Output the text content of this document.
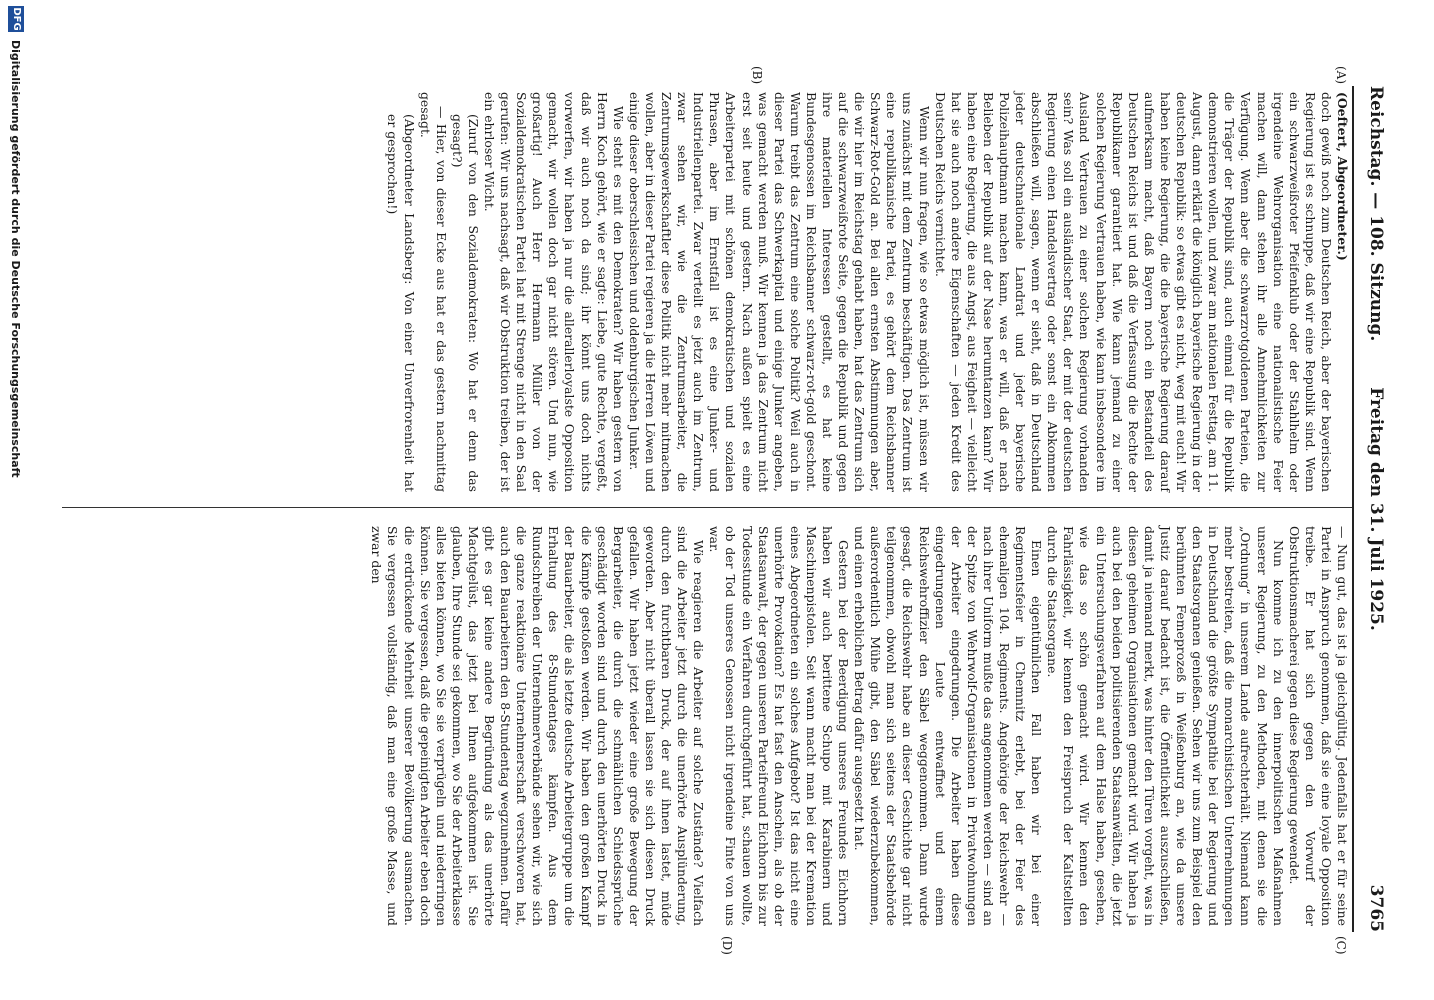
Reichstag. — 108. Sitzung.
Freitag den 31. Juli 1925.
3765
(A)
(B)
(C)
(D)

(Oeftert, Abgeordneter.)

doch gewiß noch zum Deutschen Reich, aber der bayerischen Regierung ist es schnuppe, daß wir eine Republik sind. Wenn ein schwarzweißroter Pfeifenklub oder der Stahlhelm oder irgendeine Wehrorganisation eine nationalistische Feier machen will, dann stehen ihr alle Annehmlichkeiten zur Verfügung. Wenn aber die schwarzrotgoldenen Parteien, die die Träger der Republik sind, auch einmal für die Republik demonstrieren wollen, und zwar am nationalen Festtag, am 11. August, dann erklärt die königlich bayerische Regierung in der deutschen Republik: so etwas gibt es nicht, weg mit euch! Wir haben keine Regierung, die die bayerische Regierung darauf aufmerksam macht, daß Bayern noch ein Bestandteil des Deutschen Reichs ist und daß die Verfassung die Rechte der Republikaner garantiert hat. Wie kann jemand zu einer solchen Regierung Vertrauen haben, wie kann insbesondere im Ausland Vertrauen zu einer solchen Regierung vorhanden sein? Was soll ein ausländischer Staat, der mit der deutschen Regierung einen Handelsvertrag oder sonst ein Abkommen abschließen will, sagen, wenn er sieht, daß in Deutschland jeder deutschnationale Landrat und jeder bayerische Polizeihauptmann machen kann, was er will, daß er nach Belieben der Republik auf der Nase herumtanzen kann? Wir haben eine Regierung, die aus Angst, aus Feigheit — vielleicht hat sie auch noch andere Eigenschaften — jeden Kredit des Deutschen Reichs vernichtet.

Wenn wir nun fragen, wie so etwas möglich ist, müssen wir uns zunächst mit dem Zentrum beschäftigen. Das Zentrum ist eine republikanische Partei, es gehört dem Reichsbanner Schwarz-Rot-Gold an. Bei allen ernsten Abstimmungen aber, die wir hier im Reichstag gehabt haben, hat das Zentrum sich auf die schwarzweißrote Seite, gegen die Republik und gegen ihre materiellen Interessen gestellt, es hat keine Bundesgenossen im Reichsbanner schwarz-rot-gold geschont. Warum treibt das Zentrum eine solche Politik? Weil auch in dieser Partei das Schwerkapital und einige Junker angeben, was gemacht werden muß. Wir kennen ja das Zentrum nicht erst seit heute und gestern. Nach außen spielt es eine Arbeiterpartei mit schönen demokratischen und sozialen Phrasen, aber im Ernstfall ist es eine Junker- und Industriellenpartei. Zwar verteilt es jetzt auch im Zentrum, zwar sehen wir, wie die Zentrumsarbeiter, die Zentrumsgewerkschaftler diese Politik nicht mehr mitmachen wollen, aber in dieser Partei regieren ja die Herren Löwen und einige dieser oberschlesischen und oldenburgischen Junker.

Wie steht es mit den Demokraten? Wir haben gestern von Herrn Koch gehört, wie er sagte: Liebe, gute Rechte, vergeßt, daß wir auch noch da sind; ihr könnt uns doch nichts vorwerfen, wir haben ja nur die allerallerloyalste Opposition gemacht, wir wollen doch gar nicht stören. Und nun, wie großartig! Auch Herr Hermann Müller von der Sozialdemokratischen Partei hat mit Strenge nicht in den Saal gerufen: Wir uns nachsagt, daß wir Obstruktion treiben, der ist ein ehrloser Wicht.

(Zuruf von den Sozialdemokraten: Wo hat er denn das gesagt?)

— Hier, von dieser Ecke aus hat er das gestern nachmittag gesagt.

(Abgeordneter Landsberg: Von einer Unverfrorenheit hat er gesprochen!)

— Nun gut, das ist ja gleichgültig. Jedenfalls hat er für seine Partei in Anspruch genommen, daß sie eine loyale Opposition treibe. Er hat sich gegen den Vorwurf der Obstruktionsmacherei gegen diese Regierung gewendet.

Nun komme ich zu den innerpolitischen Maßnahmen unserer Regierung, zu den Methoden, mit denen sie die „Ordnung“ in unserem Lande aufrechterhält. Niemand kann mehr bestreiten, daß die monarchistischen Unternehmungen in Deutschland die größte Sympathie bei der Regierung und den Staatsorganen genießen. Sehen wir uns zum Beispiel den berühmten Femeprozeß in Weißenburg an, wie da unsere Justiz darauf bedacht ist, die Öffentlichkeit auszuschließen, damit ja niemand merkt, was hinter den Türen vorgeht, was in diesen geheimen Organisationen gemacht wird. Wir haben ja auch bei den beiden politisierenden Staatsanwälten, die jetzt ein Untersuchungsverfahren auf dem Halse haben, gesehen, wie das so schön gemacht wird. Wir kennen den Fahrlässigkeit, wir kennen den Freispruch der Kaltstellten durch die Staatsorgane.

Einen eigentümlichen Fall haben wir bei einer Regimentsfeier in Chemnitz erlebt, bei der Feier des ehemaligen 104. Regiments. Angehörige der Reichswehr — nach ihrer Uniform mußte das angenommen werden — sind an der Spitze von Wehrwolf-Organisationen in Privatwohnungen der Arbeiter eingedrungen. Die Arbeiter haben diese eingedrungenen Leute entwaffnet und einem Reichswehroffizier den Säbel weggenommen. Dann wurde gesagt, die Reichswehr habe an dieser Geschichte gar nicht teilgenommen, obwohl man sich seitens der Staatsbehörde außerordentlich Mühe gibt, den Säbel wiederzubekommen, und einen erheblichen Betrag dafür ausgesetzt hat.

Gestern bei der Beerdigung unseres Freundes Eichhorn haben wir auch berittene Schupo mit Karabinern und Maschinenpistolen. Seit wann macht man bei der Kremation eines Abgeordneten ein solches Aufgebot? Ist das nicht eine unerhörte Provokation? Es hat fast den Anschein, als ob der Staatsanwalt, der gegen unseren Parteifreund Eichhorn bis zur Todesstunde ein Verfahren durchgeführt hat, schauen wollte, ob der Tod unseres Genossen nicht irgendeine Finte von uns war.

Wie reagieren die Arbeiter auf solche Zustände? Vielfach sind die Arbeiter jetzt durch die unerhörte Ausplünderung, durch den furchtbaren Druck, der auf ihnen lastet, müde geworden. Aber nicht überall lassen sie sich diesen Druck gefallen. Wir haben jetzt wieder eine große Bewegung der Bergarbeiter, die durch die schmählichen Schiedssprüche geschädigt worden sind und durch den unerhörten Druck in die Kämpfe gestoßen werden. Wir haben den großen Kampf der Bauarbeiter, die als letzte deutsche Arbeitergruppe um die Erhaltung des 8-Stundentages kämpfen. Aus dem Rundschreiben der Unternehmerverbände sehen wir, wie sich die ganze reaktionäre Unternehmerschaft verschworen hat, auch den Bauarbeitern den 8-Stundentag wegzunehmen. Dafür gibt es gar keine andere Begründung als das unerhörte Machtgelüst, das jetzt bei Ihnen aufgekommen ist. Sie glauben, Ihre Stunde sei gekommen, wo Sie der Arbeiterklasse alles bieten können, wo Sie sie verprügeln und niederringen können. Sie vergessen, daß die gepeinigten Arbeiter eben doch die erdrückende Mehrheit unserer Bevölkerung ausmachen. Sie vergessen vollständig, daß man eine große Masse, und zwar den

DFG
Digitalisierung gefördert durch die Deutsche Forschungsgemeinschaft
